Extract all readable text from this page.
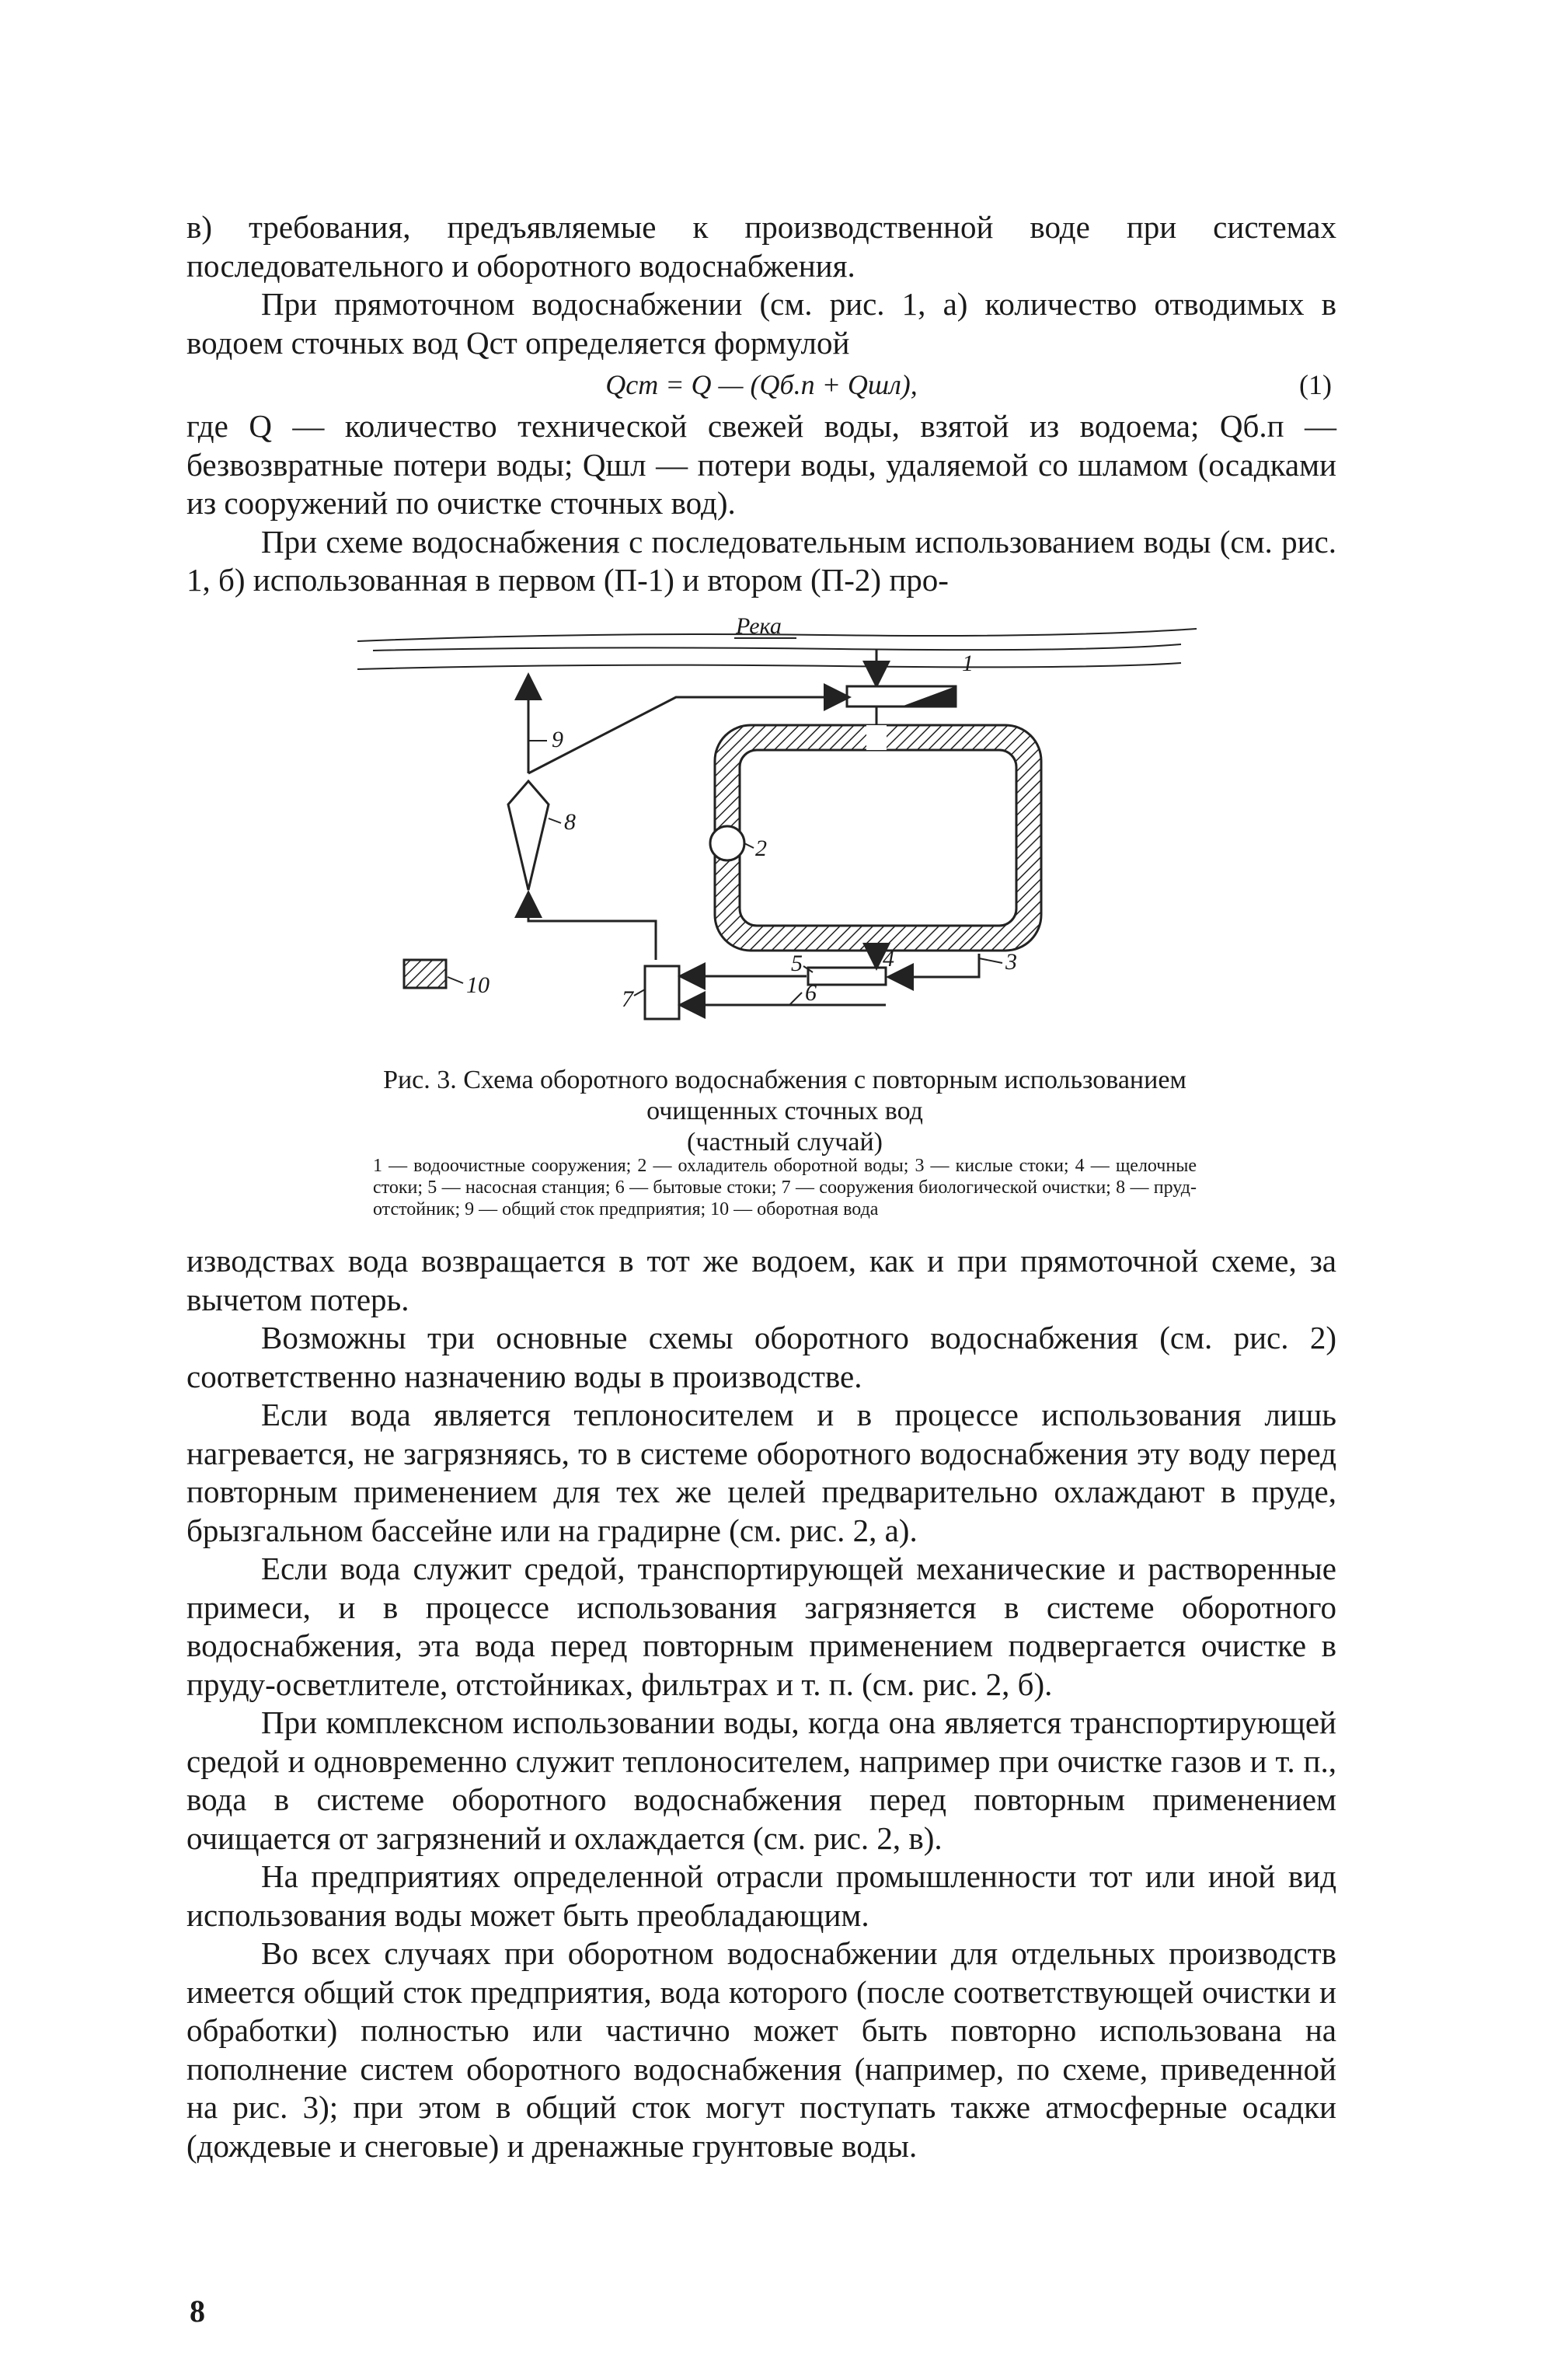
в) требования, предъявляемые к производственной воде при системах последовательного и оборотного водоснабжения.

При прямоточном водоснабжении (см. рис. 1, а) количество отводимых в водоем сточных вод Qст определяется формулой

Qст = Q — (Qб.п + Qшл),	(1)

где Q — количество технической свежей воды, взятой из водоема; Qб.п — безвозвратные потери воды; Qшл — потери воды, удаляемой со шламом (осадками из сооружений по очистке сточных вод).

При схеме водоснабжения с последовательным использованием воды (см. рис. 1, б) использованная в первом (П-1) и втором (П-2) про-

Река
1
2
9
8
7
4
5	3
6
10
Рис. 3. Схема оборотного водоснабжения с повторным использованием очищенных сточных вод
(частный случай)
1 — водоочистные сооружения; 2 — охладитель оборотной воды; 3 — кислые стоки; 4 — щелочные стоки; 5 — насосная станция; 6 — бытовые стоки; 7 — сооружения биологической очистки; 8 — пруд-отстойник; 9 — общий сток предприятия; 10 — оборотная вода

изводствах вода возвращается в тот же водоем, как и при прямоточной схеме, за вычетом потерь.

Возможны три основные схемы оборотного водоснабжения (см. рис. 2) соответственно назначению воды в производстве.

Если вода является теплоносителем и в процессе использования лишь нагревается, не загрязняясь, то в системе оборотного водоснабжения эту воду перед повторным применением для тех же целей предварительно охлаждают в пруде, брызгальном бассейне или на градирне (см. рис. 2, а).

Если вода служит средой, транспортирующей механические и растворенные примеси, и в процессе использования загрязняется в системе оборотного водоснабжения, эта вода перед повторным применением подвергается очистке в пруду-осветлителе, отстойниках, фильтрах и т. п. (см. рис. 2, б).

При комплексном использовании воды, когда она является транспортирующей средой и одновременно служит теплоносителем, например при очистке газов и т. п., вода в системе оборотного водоснабжения перед повторным применением очищается от загрязнений и охлаждается (см. рис. 2, в).

На предприятиях определенной отрасли промышленности тот или иной вид использования воды может быть преобладающим.

Во всех случаях при оборотном водоснабжении для отдельных производств имеется общий сток предприятия, вода которого (после соответствующей очистки и обработки) полностью или частично может быть повторно использована на пополнение систем оборотного водоснабжения (например, по схеме, приведенной на рис. 3); при этом в общий сток могут поступать также атмосферные осадки (дождевые и снеговые) и дренажные грунтовые воды.

8
